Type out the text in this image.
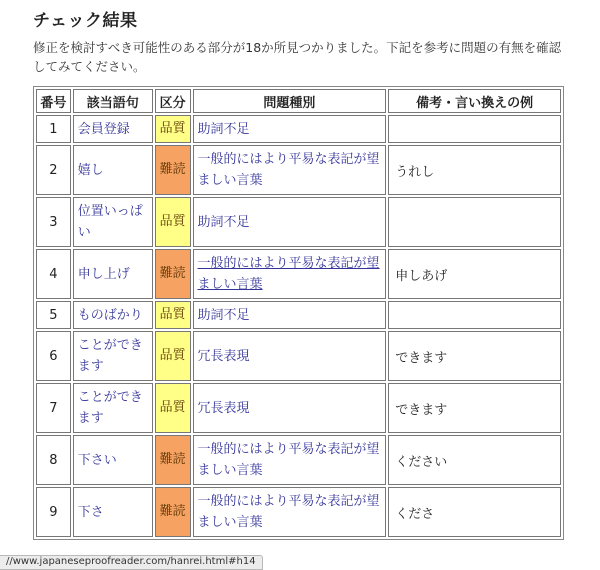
チェック結果
修正を検討すべき可能性のある部分が18か所見つかりました。下記を参考に問題の有無を確認してみてください。
番号	該当語句	区分	問題種別	備考・言い換えの例
1	会員登録	品質	助詞不足	
2	嬉し	難読	一般的にはより平易な表記が望ましい言葉	うれし
3	位置いっぱい	品質	助詞不足	
4	申し上げ	難読	一般的にはより平易な表記が望ましい言葉	申しあげ
5	ものばかり	品質	助詞不足	
6	ことができます	品質	冗長表現	できます
7	ことができます	品質	冗長表現	できます
8	下さい	難読	一般的にはより平易な表記が望ましい言葉	ください
9	下さ	難読	一般的にはより平易な表記が望ましい言葉	くださ
//www.japaneseproofreader.com/hanrei.html#h14
